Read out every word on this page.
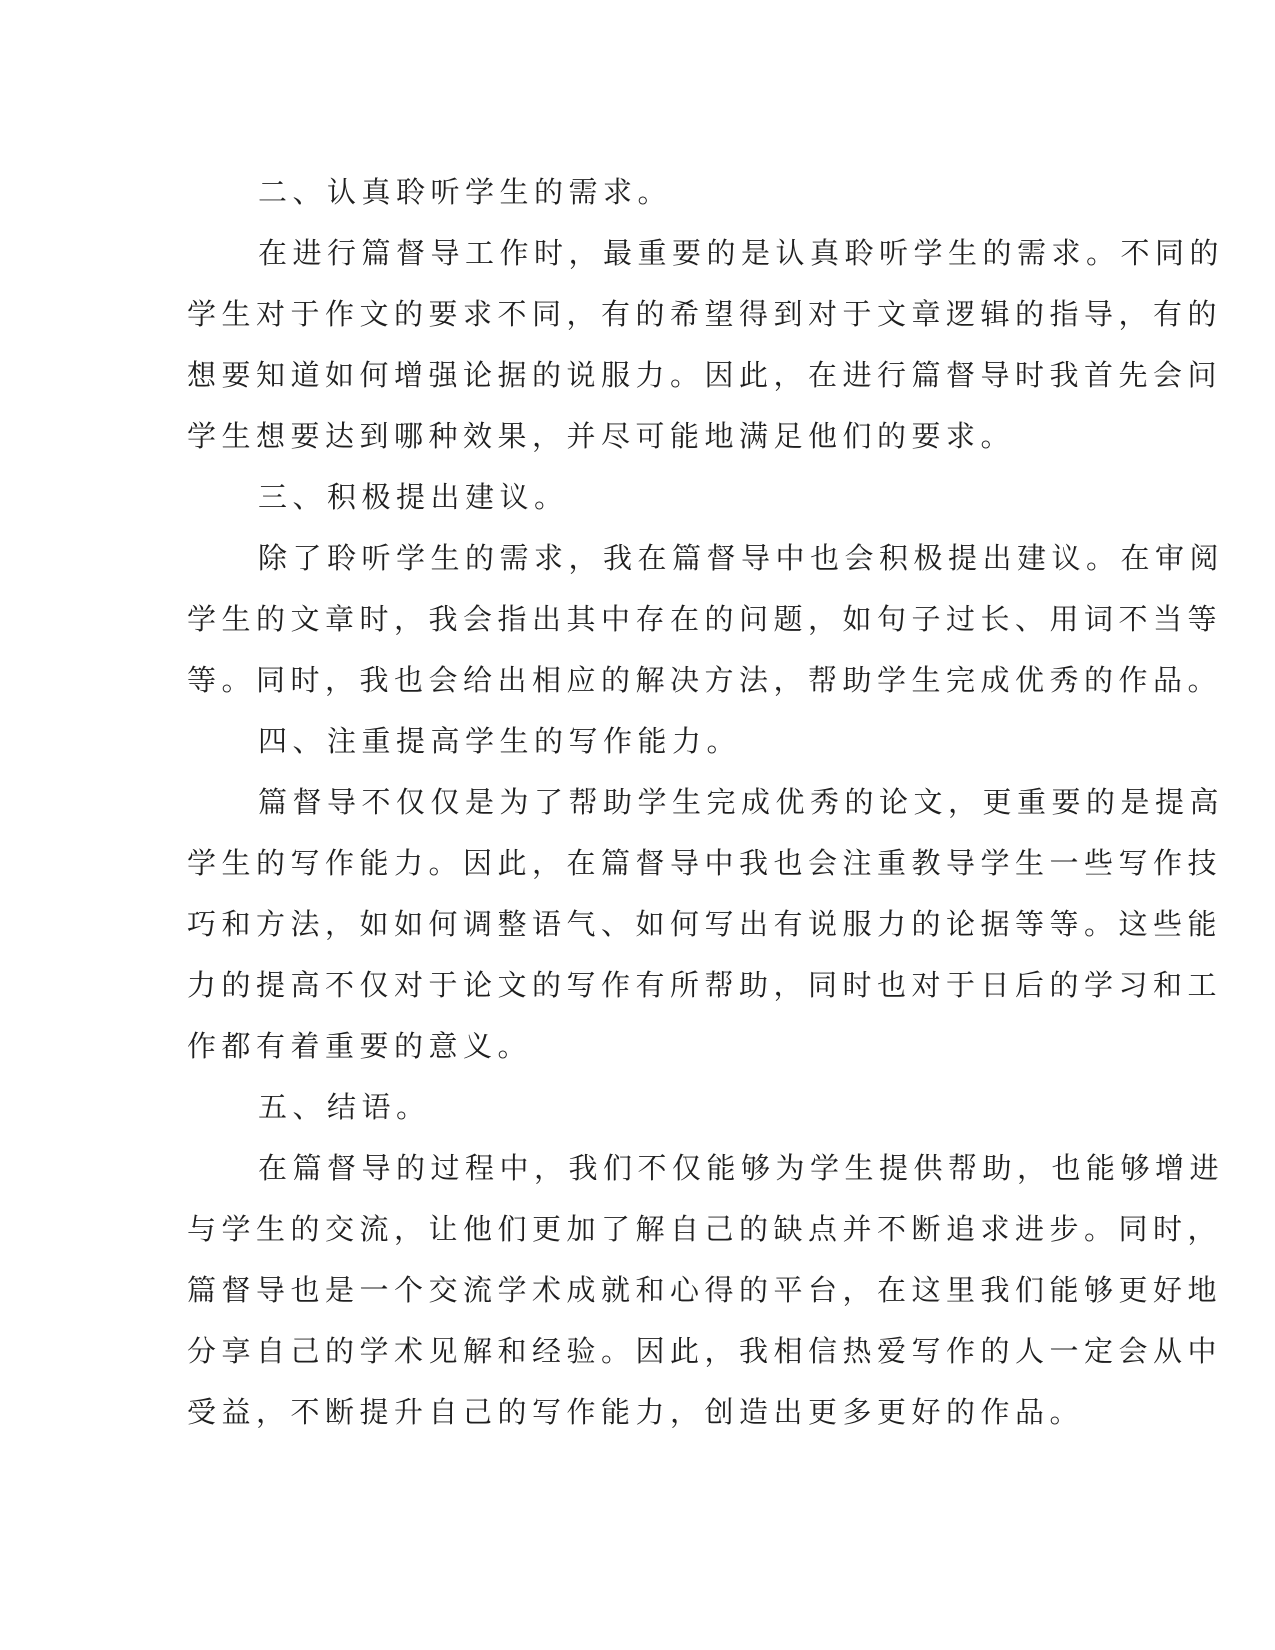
二、认真聆听学生的需求。
在进行篇督导工作时，最重要的是认真聆听学生的需求。不同的
学生对于作文的要求不同，有的希望得到对于文章逻辑的指导，有的
想要知道如何增强论据的说服力。因此，在进行篇督导时我首先会问
学生想要达到哪种效果，并尽可能地满足他们的要求。
三、积极提出建议。
除了聆听学生的需求，我在篇督导中也会积极提出建议。在审阅
学生的文章时，我会指出其中存在的问题，如句子过长、用词不当等
等。同时，我也会给出相应的解决方法，帮助学生完成优秀的作品。
四、注重提高学生的写作能力。
篇督导不仅仅是为了帮助学生完成优秀的论文，更重要的是提高
学生的写作能力。因此，在篇督导中我也会注重教导学生一些写作技
巧和方法，如如何调整语气、如何写出有说服力的论据等等。这些能
力的提高不仅对于论文的写作有所帮助，同时也对于日后的学习和工
作都有着重要的意义。
五、结语。
在篇督导的过程中，我们不仅能够为学生提供帮助，也能够增进
与学生的交流，让他们更加了解自己的缺点并不断追求进步。同时，
篇督导也是一个交流学术成就和心得的平台，在这里我们能够更好地
分享自己的学术见解和经验。因此，我相信热爱写作的人一定会从中
受益，不断提升自己的写作能力，创造出更多更好的作品。
